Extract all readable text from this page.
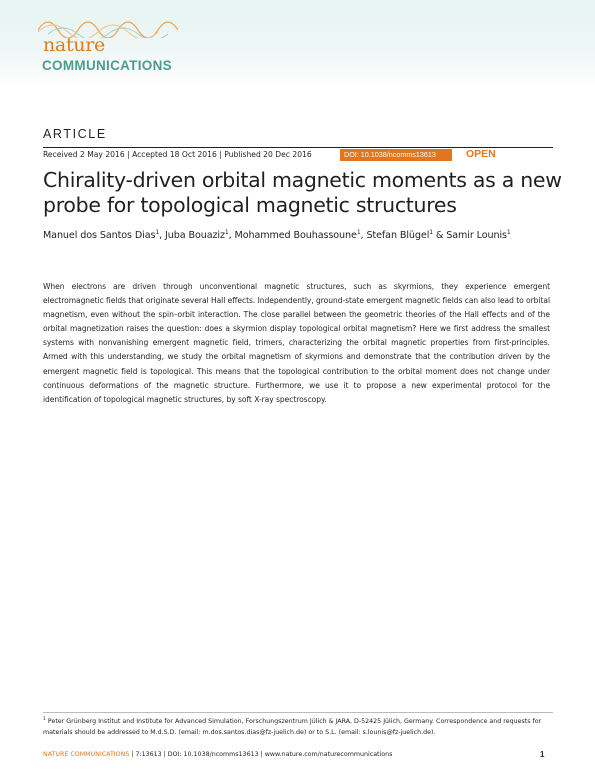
nature
COMMUNICATIONS
ARTICLE
Received 2 May 2016 | Accepted 18 Oct 2016 | Published 20 Dec 2016	DOI: 10.1038/ncomms13613	OPEN
Chirality-driven orbital magnetic moments as a new probe for topological magnetic structures
Manuel dos Santos Dias$^1$, Juba Bouaziz$^1$, Mohammed Bouhassoune$^1$, Stefan Blügel$^1$ & Samir Lounis$^1$

When electrons are driven through unconventional magnetic structures, such as skyrmions, they experience emergent electromagnetic fields that originate several Hall effects. Independently, ground-state emergent magnetic fields can also lead to orbital magnetism, even without the spin–orbit interaction. The close parallel between the geometric theories of the Hall effects and of the orbital magnetization raises the question: does a skyrmion display topological orbital magnetism? Here we first address the smallest systems with nonvanishing emergent magnetic field, trimers, characterizing the orbital magnetic properties from first-principles. Armed with this understanding, we study the orbital magnetism of skyrmions and demonstrate that the contribution driven by the emergent magnetic field is topological. This means that the topological contribution to the orbital moment does not change under continuous deformations of the magnetic structure. Furthermore, we use it to propose a new experimental protocol for the identification of topological magnetic structures, by soft X-ray spectroscopy.

$^1$ Peter Grünberg Institut and Institute for Advanced Simulation, Forschungszentrum Jülich & JARA, D-52425 Jülich, Germany. Correspondence and requests for materials should be addressed to M.d.S.D. (email: m.dos.santos.dias@fz-juelich.de) or to S.L. (email: s.lounis@fz-juelich.de).

NATURE COMMUNICATIONS | 7:13613 | DOI: 10.1038/ncomms13613 | www.nature.com/naturecommunications	1
